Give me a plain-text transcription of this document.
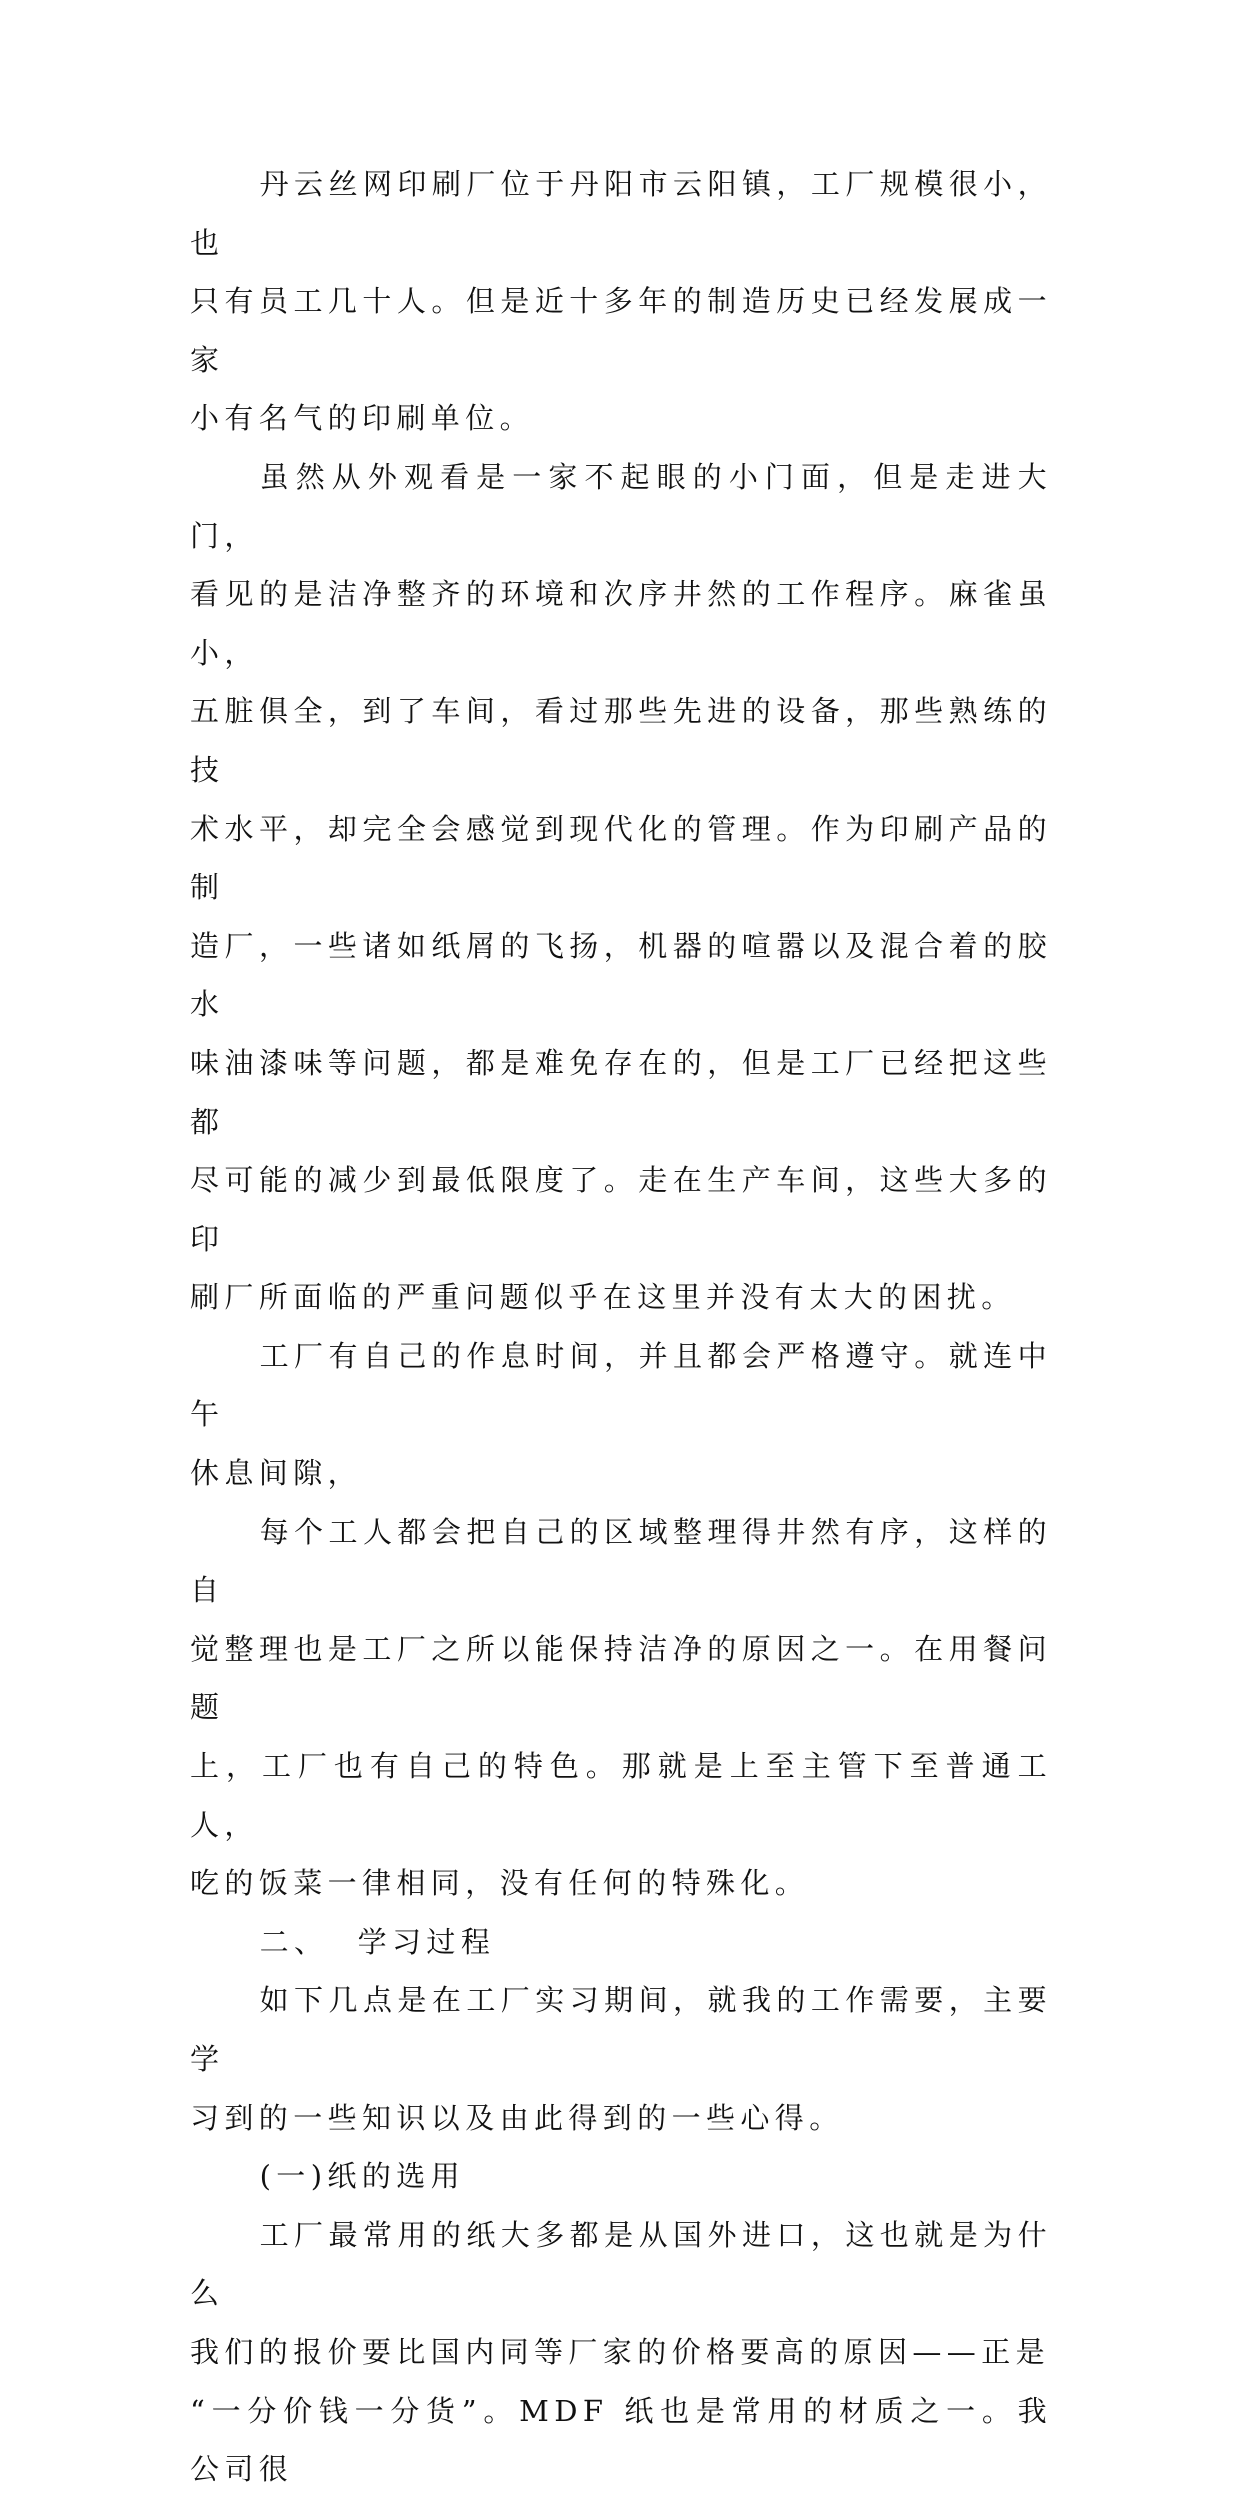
丹云丝网印刷厂位于丹阳市云阳镇，工厂规模很小，也
只有员工几十人。但是近十多年的制造历史已经发展成一家
小有名气的印刷单位。

虽然从外观看是一家不起眼的小门面，但是走进大门，
看见的是洁净整齐的环境和次序井然的工作程序。麻雀虽小，
五脏俱全，到了车间，看过那些先进的设备，那些熟练的技
术水平，却完全会感觉到现代化的管理。作为印刷产品的制
造厂，一些诸如纸屑的飞扬，机器的喧嚣以及混合着的胶水
味油漆味等问题，都是难免存在的，但是工厂已经把这些都
尽可能的减少到最低限度了。走在生产车间，这些大多的印
刷厂所面临的严重问题似乎在这里并没有太大的困扰。

工厂有自己的作息时间，并且都会严格遵守。就连中午
休息间隙，

每个工人都会把自己的区域整理得井然有序，这样的自
觉整理也是工厂之所以能保持洁净的原因之一。在用餐问题
上，工厂也有自己的特色。那就是上至主管下至普通工人，
吃的饭菜一律相同，没有任何的特殊化。

二、  学习过程

如下几点是在工厂实习期间，就我的工作需要，主要学
习到的一些知识以及由此得到的一些心得。

(一)纸的选用

工厂最常用的纸大多都是从国外进口，这也就是为什么
我们的报价要比国内同等厂家的价格要高的原因——正是
“一分价钱一分货”。MDF 纸也是常用的材质之一。我公司很
